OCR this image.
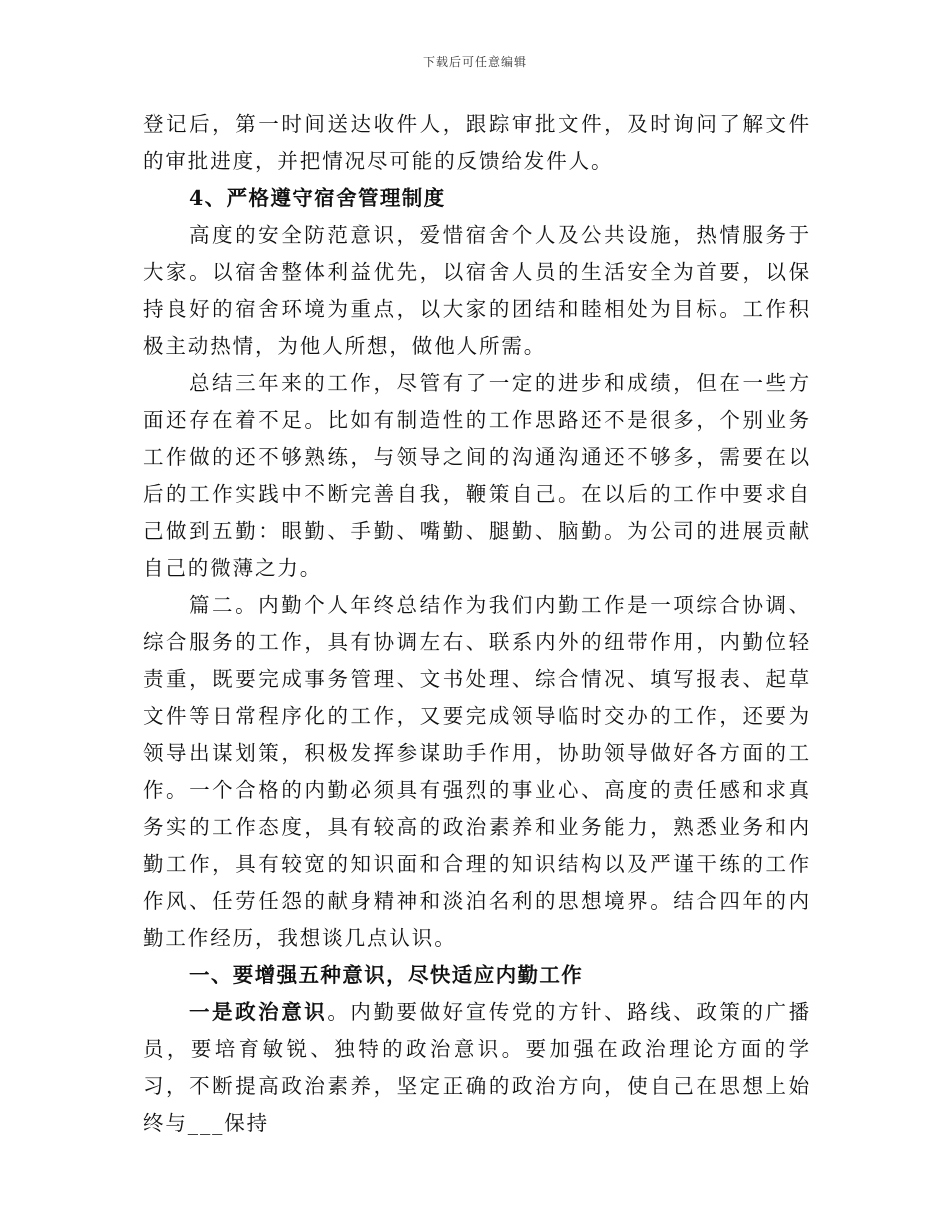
下载后可任意编辑

登记后，第一时间送达收件人，跟踪审批文件，及时询问了解文件的审批进度，并把情况尽可能的反馈给发件人。

4、严格遵守宿舍管理制度

高度的安全防范意识，爱惜宿舍个人及公共设施，热情服务于大家。以宿舍整体利益优先，以宿舍人员的生活安全为首要，以保持良好的宿舍环境为重点，以大家的团结和睦相处为目标。工作积极主动热情，为他人所想，做他人所需。

总结三年来的工作，尽管有了一定的进步和成绩，但在一些方面还存在着不足。比如有制造性的工作思路还不是很多，个别业务工作做的还不够熟练，与领导之间的沟通沟通还不够多，需要在以后的工作实践中不断完善自我，鞭策自己。在以后的工作中要求自己做到五勤：眼勤、手勤、嘴勤、腿勤、脑勤。为公司的进展贡献自己的微薄之力。

篇二。内勤个人年终总结作为我们内勤工作是一项综合协调、综合服务的工作，具有协调左右、联系内外的纽带作用，内勤位轻责重，既要完成事务管理、文书处理、综合情况、填写报表、起草文件等日常程序化的工作，又要完成领导临时交办的工作，还要为领导出谋划策，积极发挥参谋助手作用，协助领导做好各方面的工作。一个合格的内勤必须具有强烈的事业心、高度的责任感和求真务实的工作态度，具有较高的政治素养和业务能力，熟悉业务和内勤工作，具有较宽的知识面和合理的知识结构以及严谨干练的工作作风、任劳任怨的献身精神和淡泊名利的思想境界。结合四年的内勤工作经历，我想谈几点认识。

一、要增强五种意识，尽快适应内勤工作

一是政治意识。内勤要做好宣传党的方针、路线、政策的广播员，要培育敏锐、独特的政治意识。要加强在政治理论方面的学习，不断提高政治素养，坚定正确的政治方向，使自己在思想上始终与___保持
